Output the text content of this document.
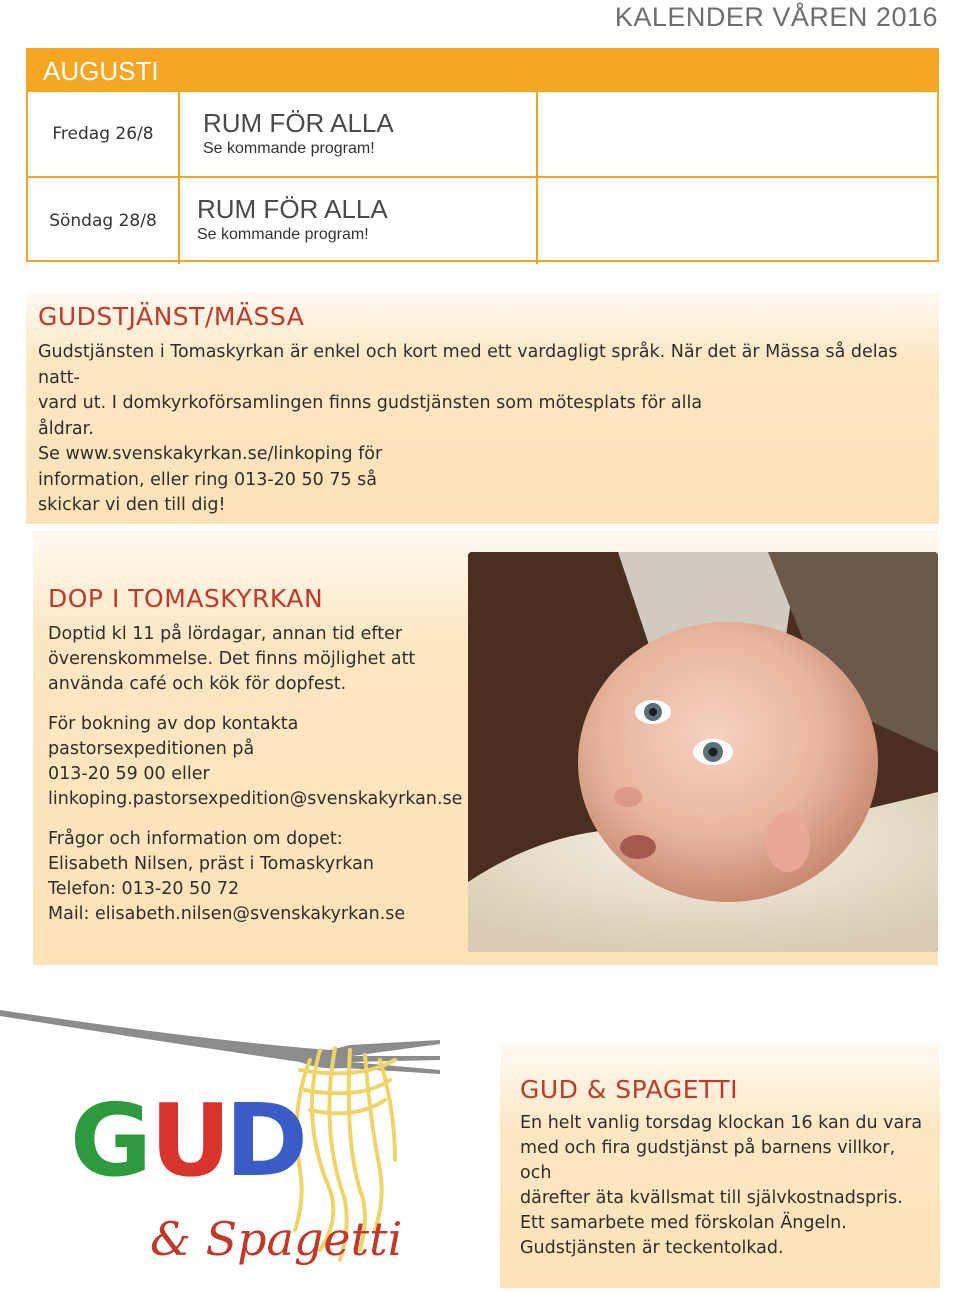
KALENDER VÅREN 2016
AUGUSTI
Fredag 26/8	RUM FÖR ALLA
Se kommande program!
Söndag 28/8	RUM FÖR ALLA
Se kommande program!
GUDSTJÄNST/MÄSSA

Gudstjänsten i Tomaskyrkan är enkel och kort med ett vardagligt språk. När det är Mässa så delas natt-

vard ut. I domkyrkoförsamlingen finns gudstjänsten som mötesplats för alla åldrar.

Se www.svenskakyrkan.se/linkoping för

information, eller ring 013-20 50 75 så

skickar vi den till dig!

DOP I TOMASKYRKAN

Doptid kl 11 på lördagar, annan tid efter
överenskommelse. Det finns möjlighet att
använda café och kök för dopfest.

För bokning av dop kontakta
pastorsexpeditionen på
013-20 59 00 eller
linkoping.pastorsexpedition@svenskakyrkan.se

Frågor och information om dopet:
Elisabeth Nilsen, präst i Tomaskyrkan
Telefon: 013-20 50 72
Mail: elisabeth.nilsen@svenskakyrkan.se

G
U
D
& Spagetti
GUD & SPAGETTI

En helt vanlig torsdag klockan 16 kan du vara

med och fira gudstjänst på barnens villkor, och

därefter äta kvällsmat till självkostnadspris.

Ett samarbete med förskolan Ängeln.

Gudstjänsten är teckentolkad.
